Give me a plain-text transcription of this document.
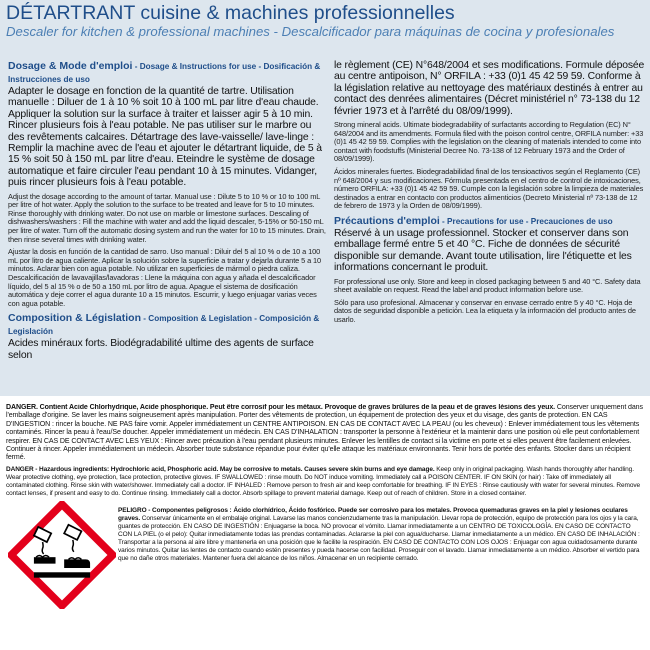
DÉTARTRANT cuisine & machines professionnelles
Descaler for kitchen & professional machines - Descalcificador para máquinas de cocina y profesionales
Dosage & Mode d'emploi - Dosage & Instructions for use - Dosificación & Instrucciones de uso
Adapter le dosage en fonction de la quantité de tartre. Utilisation manuelle : Diluer de 1 à 10 % soit 10 à 100 mL par litre d'eau chaude. Appliquer la solution sur la surface à traiter et laisser agir 5 à 10 min. Rincer plusieurs fois à l'eau potable. Ne pas utiliser sur le marbre ou des revêtements calcaires. Détartrage des lave-vaisselle/ lave-linge : Remplir la machine avec de l'eau et ajouter le détartrant liquide, de 5 à 15 % soit 50 à 150 mL par litre d'eau. Eteindre le système de dosage automatique et faire circuler l'eau pendant 10 à 15 minutes. Vidanger, puis rincer plusieurs fois à l'eau potable.
Adjust the dosage according to the amount of tartar. Manual use : Dilute 5 to 10 % or 10 to 100 mL per litre of hot water. Apply the solution to the surface to be treated and leave for 5 to 10 minutes. Rinse thoroughly with drinking water. Do not use on marble or limestone surfaces. Descaling of dishwashers/washers : Fill the machine with water and add the liquid descaler, 5-15% or 50-150 mL per litre of water. Turn off the automatic dosing system and run the water for 10 to 15 minutes. Drain, then rinse several times with drinking water.
Ajustar la dosis en función de la cantidad de sarro. Uso manual : Diluir del 5 al 10 % o de 10 a 100 mL por litro de agua caliente. Aplicar la solución sobre la superficie a tratar y dejarla durante 5 a 10 minutos. Aclarar bien con agua potable. No utilizar en superficies de mármol o piedra caliza. Descalcificación de lavavajillas/lavadoras : Llene la máquina con agua y añada el descalcificador líquido, del 5 al 15 % o de 50 a 150 mL por litro de agua. Apague el sistema de dosificación automática y deje correr el agua durante 10 a 15 minutos. Escurrir, y luego enjuagar varias veces con agua potable.
Composition & Législation - Composition & Legislation - Composición & Legislación
Acides minéraux forts. Biodégradabilité ultime des agents de surface selon
le règlement (CE) N°648/2004 et ses modifications. Formule déposée au centre antipoison, N° ORFILA : +33 (0)1 45 42 59 59. Conforme à la législation relative au nettoyage des matériaux destinés à entrer au contact des denrées alimentaires (Décret ministériel n° 73-138 du 12 février 1973 et à l'arrêté du 08/09/1999).
Strong mineral acids. Ultimate biodegradability of surfactants according to Regulation (EC) N° 648/2004 and its amendments. Formula filed with the poison control centre, ORFILA number: +33 (0)1 45 42 59 59. Complies with the legislation on the cleaning of materials intended to come into contact with foodstuffs (Ministerial Decree No. 73-138 of 12 February 1973 and the Order of 08/09/1999).
Ácidos minerales fuertes. Biodegradabilidad final de los tensioactivos según el Reglamento (CE) nº 648/2004 y sus modificaciones. Fórmula presentada en el centro de control de intoxicaciones, número ORFILA: +33 (0)1 45 42 59 59. Cumple con la legislación sobre la limpieza de materiales destinados a entrar en contacto con productos alimenticios (Decreto Ministerial nº 73-138 de 12 de febrero de 1973 y la Orden de 08/09/1999).
Précautions d'emploi - Precautions for use - Precauciones de uso
Réservé à un usage professionnel. Stocker et conserver dans son emballage fermé entre 5 et 40 °C. Fiche de données de sécurité disponible sur demande. Avant toute utilisation, lire l'étiquette et les informations concernant le produit.
For professional use only. Store and keep in closed packaging between 5 and 40 °C. Safety data sheet available on request. Read the label and product information before use.
Sólo para uso profesional. Almacenar y conservar en envase cerrado entre 5 y 40 °C. Hoja de datos de seguridad disponible a petición. Lea la etiqueta y la información del producto antes de usarlo.
DANGER. Contient Acide Chlorhydrique, Acide phosphorique. Peut être corrosif pour les métaux. Provoque de graves brûlures de la peau et de graves lésions des yeux. Conserver uniquement dans l'emballage d'origine. Se laver les mains soigneusement après manipulation. Porter des vêtements de protection, un équipement de protection des yeux et du visage, des gants de protection. EN CAS D'INGESTION : rincer la bouche. NE PAS faire vomir. Appeler immédiatement un CENTRE ANTIPOISON. EN CAS DE CONTACT AVEC LA PEAU (ou les cheveux) : Enlever immédiatement tous les vêtements contaminés. Rincer la peau à l'eau/Se doucher. Appeler immédiatement un médecin. EN CAS D'INHALATION : transporter la personne à l'extérieur et la maintenir dans une position où elle peut confortablement respirer. EN CAS DE CONTACT AVEC LES YEUX : Rincer avec précaution à l'eau pendant plusieurs minutes. Enlever les lentilles de contact si la victime en porte et si elles peuvent être facilement enlevées. Continuer à rincer. Appeler immédiatement un médecin. Absorber toute substance répandue pour éviter qu'elle attaque les matériaux environnants. Tenir hors de portée des enfants. Stocker dans un récipient fermé.
DANGER - Hazardous ingredients: Hydrochloric acid, Phosphoric acid. May be corrosive to metals. Causes severe skin burns and eye damage. Keep only in original packaging. Wash hands thoroughly after handling. Wear protective clothing, eye protection, face protection, protective gloves. IF SWALLOWED : rinse mouth. Do NOT induce vomiting. Immediately call a POISON CENTER. IF ON SKIN (or hair) : Take off immediately all contaminated clothing. Rinse skin with water/shower. Immediately call a doctor. IF INHALED : Remove person to fresh air and keep comfortable for breathing. IF IN EYES : Rinse cautiously with water for several minutes. Remove contact lenses, if present and easy to do. Continue rinsing. Immediately call a doctor. Absorb spillage to prevent material damage. Keep out of reach of children. Store in a closed container.
PELIGRO - Componentes peligrosos : Ácido clorhídrico, Ácido fosfórico. Puede ser corrosivo para los metales. Provoca quemaduras graves en la piel y lesiones oculares graves. Conservar únicamente en el embalaje original. Lavarse las manos concienzudamente tras la manipulación. Llevar ropa de protección, equipo de protección para los ojos y la cara, guantes de protección. EN CASO DE INGESTIÓN : Enjuagarse la boca. NO provocar el vómito. Llamar inmediatamente a un CENTRO DE TOXICOLOGÍA. EN CASO DE CONTACTO CON LA PIEL (o el pelo): Quitar inmediatamente todas las prendas contaminadas. Aclararse la piel con agua/ducharse. Llamar inmediatamente a un médico. EN CASO DE INHALACIÓN : Transportar a la persona al aire libre y mantenerla en una posición que le facilite la respiración. EN CASO DE CONTACTO CON LOS OJOS : Enjuagar con agua cuidadosamente durante varios minutos. Quitar las lentes de contacto cuando estén presentes y pueda hacerse con facilidad. Proseguir con el lavado. Llamar inmediatamente a un médico. Absorber el vertido para que no dañe otros materiales. Mantener fuera del alcance de los niños. Almacenar en un recipiente cerrado.
